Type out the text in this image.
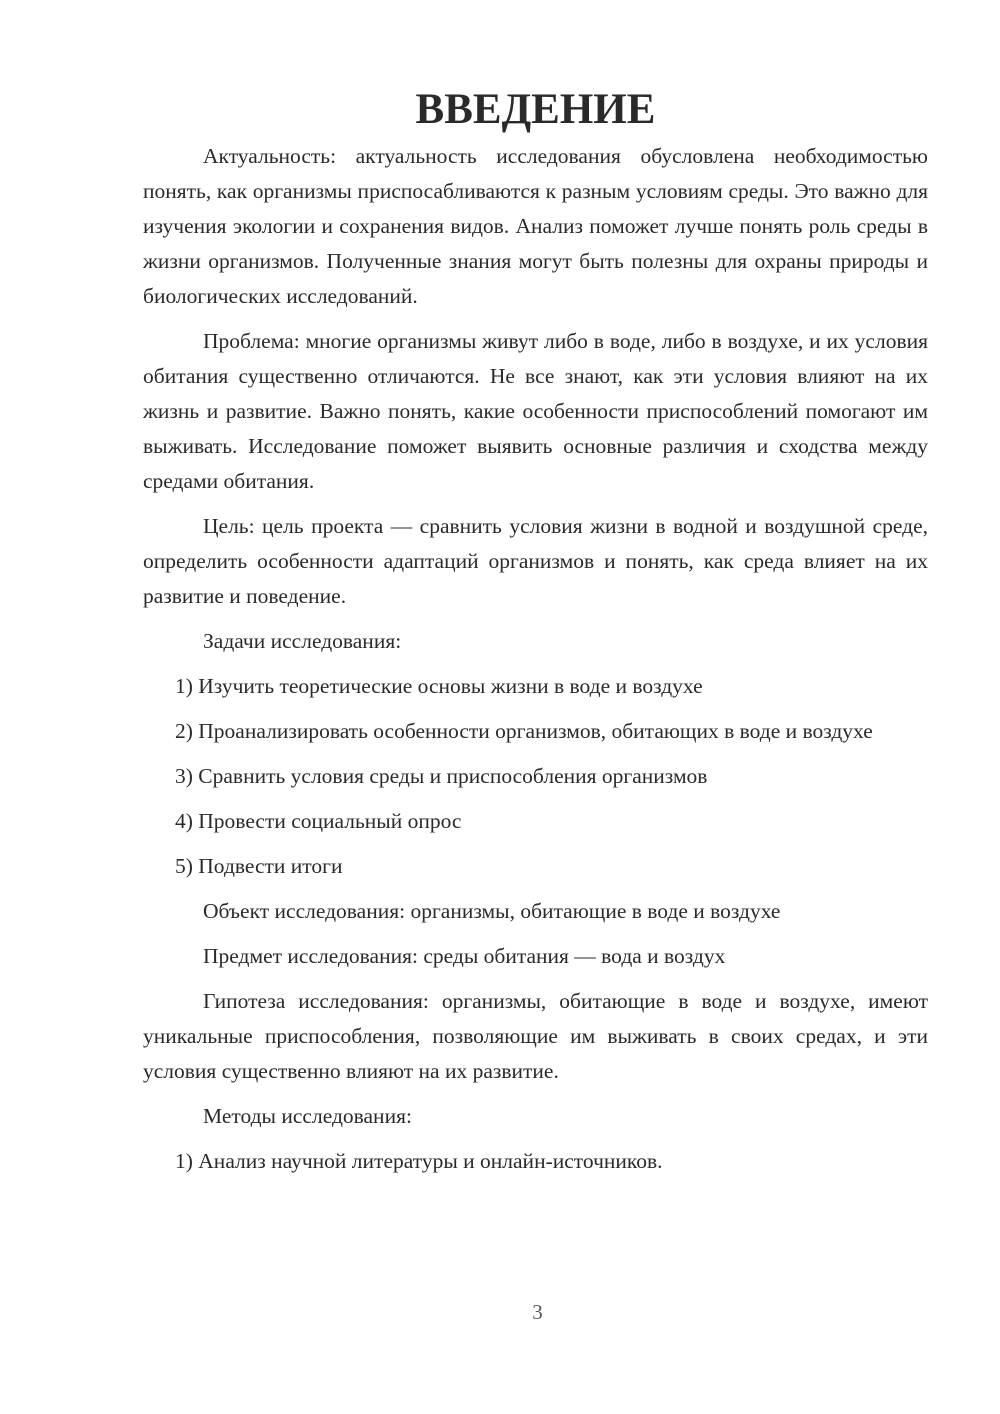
ВВЕДЕНИЕ

Актуальность: актуальность исследования обусловлена необходимостью понять, как организмы приспосабливаются к разным условиям среды. Это важно для изучения экологии и сохранения видов. Анализ поможет лучше понять роль среды в жизни организмов. Полученные знания могут быть полезны для охраны природы и биологических исследований.

Проблема: многие организмы живут либо в воде, либо в воздухе, и их условия обитания существенно отличаются. Не все знают, как эти условия влияют на их жизнь и развитие. Важно понять, какие особенности приспособлений помогают им выживать. Исследование поможет выявить основные различия и сходства между средами обитания.

Цель: цель проекта — сравнить условия жизни в водной и воздушной среде, определить особенности адаптаций организмов и понять, как среда влияет на их развитие и поведение.

Задачи исследования:

1) Изучить теоретические основы жизни в воде и воздухе

2) Проанализировать особенности организмов, обитающих в воде и воздухе

3) Сравнить условия среды и приспособления организмов

4) Провести социальный опрос

5) Подвести итоги

Объект исследования: организмы, обитающие в воде и воздухе

Предмет исследования: среды обитания — вода и воздух

Гипотеза исследования: организмы, обитающие в воде и воздухе, имеют уникальные приспособления, позволяющие им выживать в своих средах, и эти условия существенно влияют на их развитие.

Методы исследования:

1) Анализ научной литературы и онлайн-источников.

3
